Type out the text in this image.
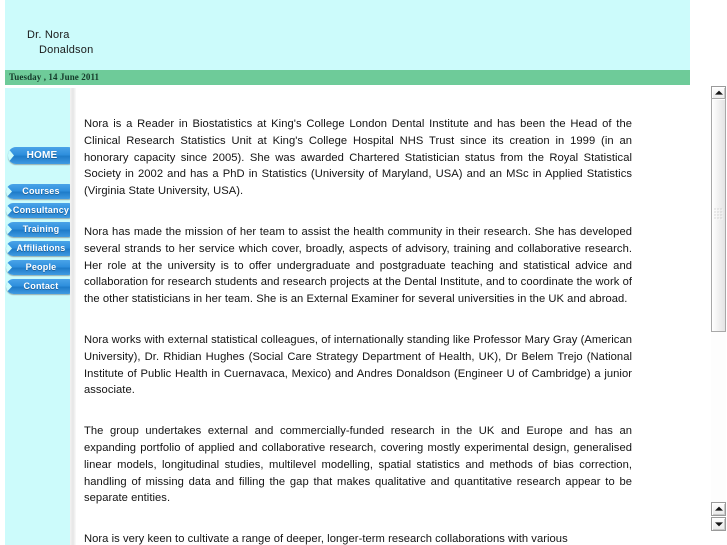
Dr. Nora
Donaldson
Tuesday , 14 June 2011
HOME
Courses
Consultancy
Training
Affiliations
People
Contact

Nora is a Reader in Biostatistics at King's College London Dental Institute and has been the Head of the Clinical Research Statistics Unit at King's College Hospital NHS Trust since its creation in 1999 (in an honorary capacity since 2005). She was awarded Chartered Statistician status from the Royal Statistical Society in 2002 and has a PhD in Statistics (University of Maryland, USA) and an MSc in Applied Statistics (Virginia State University, USA).

Nora has made the mission of her team to assist the health community in their research. She has developed several strands to her service which cover, broadly, aspects of advisory, training and collaborative research. Her role at the university is to offer undergraduate and postgraduate teaching and statistical advice and collaboration for research students and research projects at the Dental Institute, and to coordinate the work of the other statisticians in her team. She is an External Examiner for several universities in the UK and abroad.

Nora works with external statistical colleagues, of internationally standing like Professor Mary Gray (American University), Dr. Rhidian Hughes (Social Care Strategy Department of Health, UK), Dr Belem Trejo (National Institute of Public Health in Cuernavaca, Mexico) and Andres Donaldson (Engineer U of Cambridge) a junior associate.

The group undertakes external and commercially-funded research in the UK and Europe and has an expanding portfolio of applied and collaborative research, covering mostly experimental design, generalised linear models, longitudinal studies, multilevel modelling, spatial statistics and methods of bias correction, handling of missing data and filling the gap that makes qualitative and quantitative research appear to be separate entities.

Nora is very keen to cultivate a range of deeper, longer-term research collaborations with various
